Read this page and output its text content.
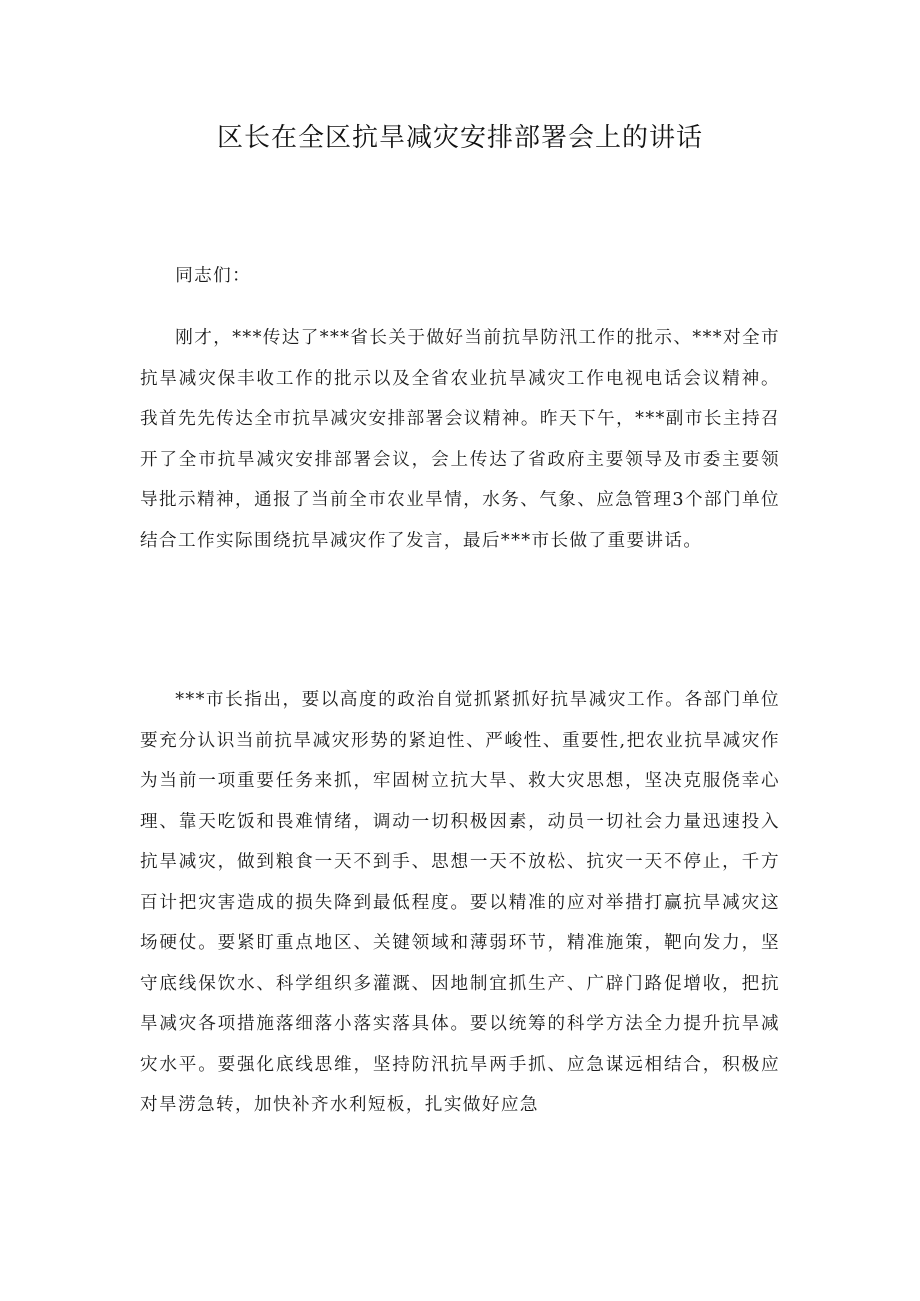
区长在全区抗旱减灾安排部署会上的讲话

同志们：

刚才，***传达了***省长关于做好当前抗旱防汛工作的批示、***对全市抗旱减灾保丰收工作的批示以及全省农业抗旱减灾工作电视电话会议精神。我首先先传达全市抗旱减灾安排部署会议精神。昨天下午，***副市长主持召开了全市抗旱减灾安排部署会议，会上传达了省政府主要领导及市委主要领导批示精神，通报了当前全市农业旱情，水务、气象、应急管理3个部门单位结合工作实际围绕抗旱减灾作了发言，最后***市长做了重要讲话。

***市长指出，要以高度的政治自觉抓紧抓好抗旱减灾工作。各部门单位要充分认识当前抗旱减灾形势的紧迫性、严峻性、重要性,把农业抗旱减灾作为当前一项重要任务来抓，牢固树立抗大旱、救大灾思想，坚决克服侥幸心理、靠天吃饭和畏难情绪，调动一切积极因素，动员一切社会力量迅速投入抗旱减灾，做到粮食一天不到手、思想一天不放松、抗灾一天不停止，千方百计把灾害造成的损失降到最低程度。要以精准的应对举措打赢抗旱减灾这场硬仗。要紧盯重点地区、关键领域和薄弱环节，精准施策，靶向发力，坚守底线保饮水、科学组织多灌溉、因地制宜抓生产、广辟门路促增收，把抗旱减灾各项措施落细落小落实落具体。要以统筹的科学方法全力提升抗旱减灾水平。要强化底线思维，坚持防汛抗旱两手抓、应急谋远相结合，积极应对旱涝急转，加快补齐水利短板，扎实做好应急
